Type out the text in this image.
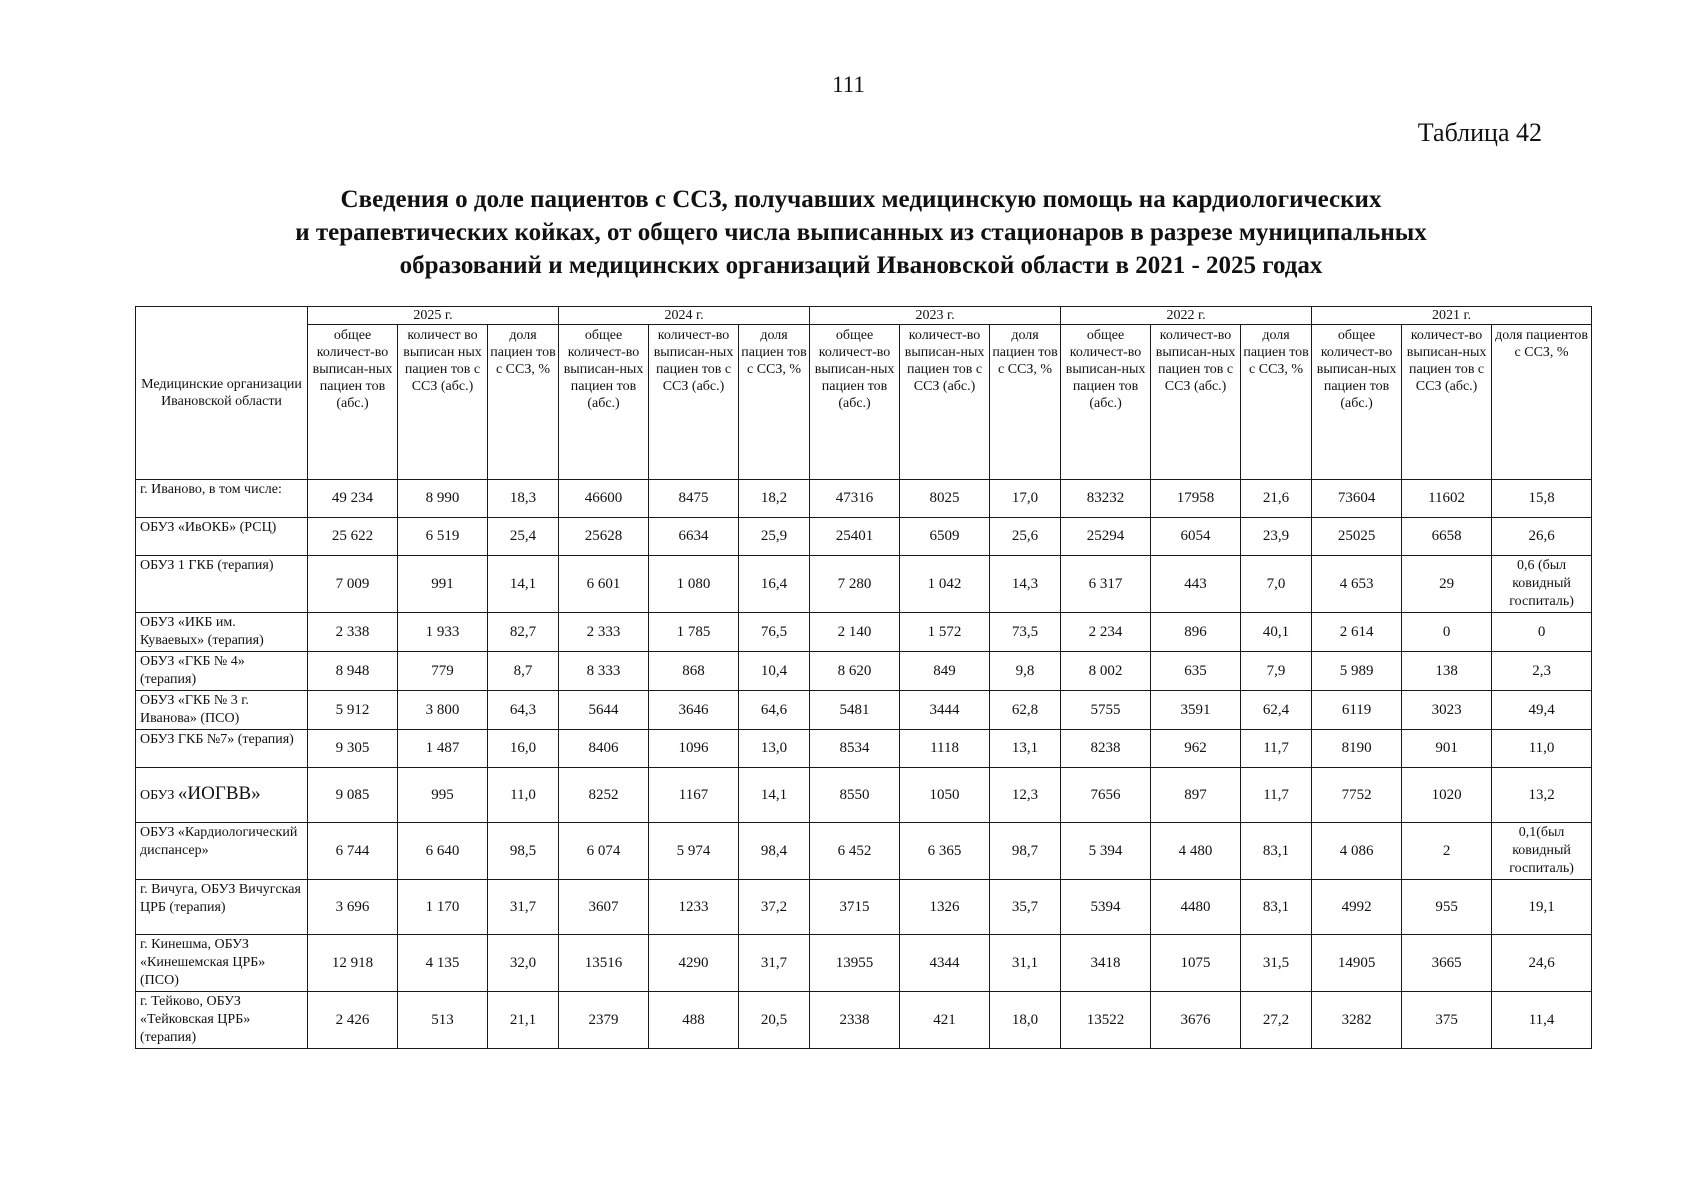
111
Таблица 42
Сведения о доле пациентов с ССЗ, получавших медицинскую помощь на кардиологических
и терапевтических койках, от общего числа выписанных из стационаров в разрезе муниципальных
образований и медицинских организаций Ивановской области в 2021 - 2025 годах
Медицинские организации Ивановской области	2025 г.			2024 г.			2023 г.			2022 г.			2021 г.		
	общее количест-во выписан-ных пациен тов (абс.)	количест во выписан ных пациен тов с ССЗ (абс.)	доля пациен тов с ССЗ, %	общее количест-во выписан-ных пациен тов (абс.)	количест-во выписан-ных пациен тов с ССЗ (абс.)	доля пациен тов с ССЗ, %	общее количест-во выписан-ных пациен тов (абс.)	количест-во выписан-ных пациен тов с ССЗ (абс.)	доля пациен тов с ССЗ, %	общее количест-во выписан-ных пациен тов (абс.)	количест-во выписан-ных пациен тов с ССЗ (абс.)	доля пациен тов с ССЗ, %	общее количест-во выписан-ных пациен тов (абс.)	количест-во выписан-ных пациен тов с ССЗ (абс.)	доля пациентов с ССЗ, %
г. Иваново, в том числе:	49 234	8 990	18,3	46600	8475	18,2	47316	8025	17,0	83232	17958	21,6	73604	11602	15,8
ОБУЗ «ИвОКБ» (РСЦ)	25 622	6 519	25,4	25628	6634	25,9	25401	6509	25,6	25294	6054	23,9	25025	6658	26,6
ОБУЗ 1 ГКБ (терапия)	7 009	991	14,1	6 601	1 080	16,4	7 280	1 042	14,3	6 317	443	7,0	4 653	29	0,6 (был ковидный госпиталь)
ОБУЗ «ИКБ им. Куваевых» (терапия)	2 338	1 933	82,7	2 333	1 785	76,5	2 140	1 572	73,5	2 234	896	40,1	2 614	0	0
ОБУЗ «ГКБ № 4» (терапия)	8 948	779	8,7	8 333	868	10,4	8 620	849	9,8	8 002	635	7,9	5 989	138	2,3
ОБУЗ «ГКБ № 3 г. Иванова» (ПСО)	5 912	3 800	64,3	5644	3646	64,6	5481	3444	62,8	5755	3591	62,4	6119	3023	49,4
ОБУЗ ГКБ №7» (терапия)	9 305	1 487	16,0	8406	1096	13,0	8534	1118	13,1	8238	962	11,7	8190	901	11,0
ОБУЗ «ИОГВВ»	9 085	995	11,0	8252	1167	14,1	8550	1050	12,3	7656	897	11,7	7752	1020	13,2
ОБУЗ «Кардиологический диспансер»	6 744	6 640	98,5	6 074	5 974	98,4	6 452	6 365	98,7	5 394	4 480	83,1	4 086	2	0,1(был ковидный госпиталь)
г. Вичуга, ОБУЗ Вичугская ЦРБ (терапия)	3 696	1 170	31,7	3607	1233	37,2	3715	1326	35,7	5394	4480	83,1	4992	955	19,1
г. Кинешма, ОБУЗ «Кинешемская ЦРБ» (ПСО)	12 918	4 135	32,0	13516	4290	31,7	13955	4344	31,1	3418	1075	31,5	14905	3665	24,6
г. Тейково, ОБУЗ «Тейковская ЦРБ» (терапия)	2 426	513	21,1	2379	488	20,5	2338	421	18,0	13522	3676	27,2	3282	375	11,4
